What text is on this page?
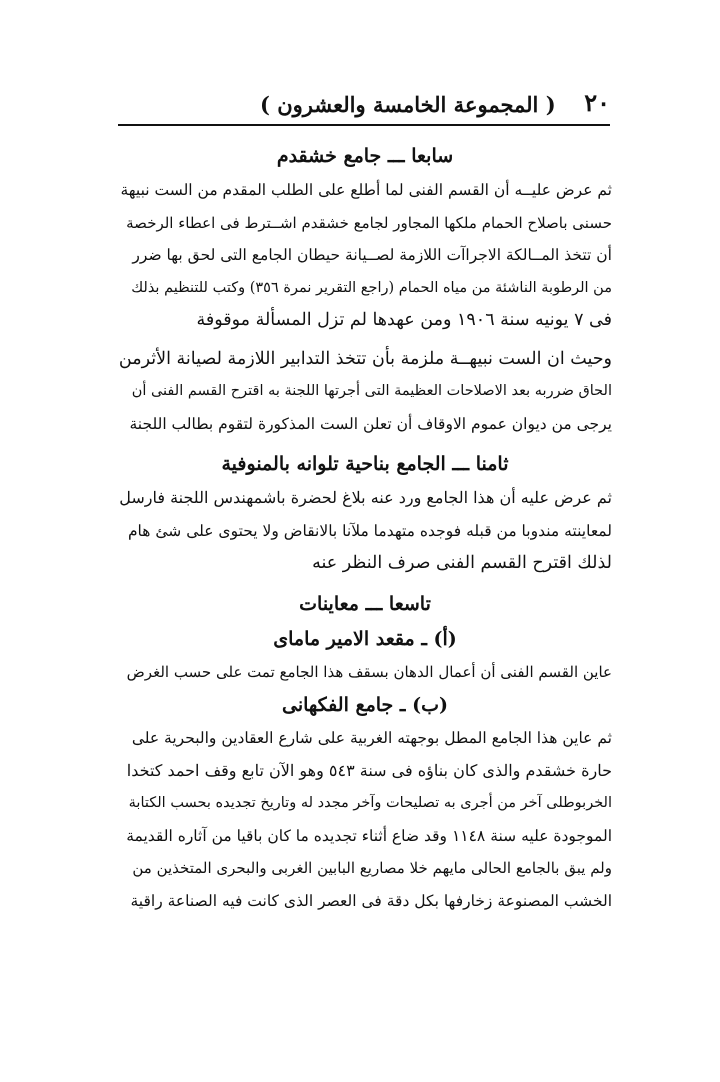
٢٠
( المجموعة الخامسة والعشرون )
سابعا ـــ جامع خشقدم
ثم عرض عليــه أن القسم الفنى لما أطلع على الطلب المقدم من الست نبيهة
حسنى باصلاح الحمام ملكها المجاور لجامع خشقدم اشــترط فى اعطاء الرخصة
أن تتخذ المــالكة الاجراآت اللازمة لصــيانة حيطان الجامع التى لحق بها ضرر
من الرطوبة الناشئة من مياه الحمام (راجع التقرير نمرة ٣٥٦) وكتب للتنظيم بذلك
فى ٧ يونيه سنة ١٩٠٦ ومن عهدها لم تزل المسألة موقوفة
وحيث ان الست نبيهــة ملزمة بأن تتخذ التدابير اللازمة لصيانة الأثرمن
الحاق ضرربه بعد الاصلاحات العظيمة التى أجرتها اللجنة به اقترح القسم الفنى أن
يرجى من ديوان عموم الاوقاف أن تعلن الست المذكورة لتقوم بطالب اللجنة
ثامنا ـــ الجامع بناحية تلوانه بالمنوفية
ثم عرض عليه أن هذا الجامع ورد عنه بلاغ لحضرة باشمهندس اللجنة فارسل
لمعاينته مندوبا من قبله فوجده متهدما ملآنا بالانقاض ولا يحتوى على شئ هام
لذلك اقترح القسم الفنى صرف النظر عنه
تاسعا ـــ معاينات
(أ) ـ مقعد الامير ماماى
عاين القسم الفنى أن أعمال الدهان بسقف هذا الجامع تمت على حسب الغرض
(ب) ـ جامع الفكهانى
ثم عاين هذا الجامع المطل بوجهته الغربية على شارع العقادين والبحرية على
حارة خشقدم والذى كان بناؤه فى سنة ٥٤٣ وهو الآن تابع وقف احمد كتخدا
الخربوطلى آخر من أجرى به تصليحات وآخر مجدد له وتاريخ تجديده بحسب الكتابة
الموجودة عليه سنة ١١٤٨ وقد ضاع أثناء تجديده ما كان باقيا من آثاره القديمة
ولم يبق بالجامع الحالى مايهم خلا مصاريع البابين الغربى والبحرى المتخذين من
الخشب المصنوعة زخارفها بكل دقة فى العصر الذى كانت فيه الصناعة راقية
